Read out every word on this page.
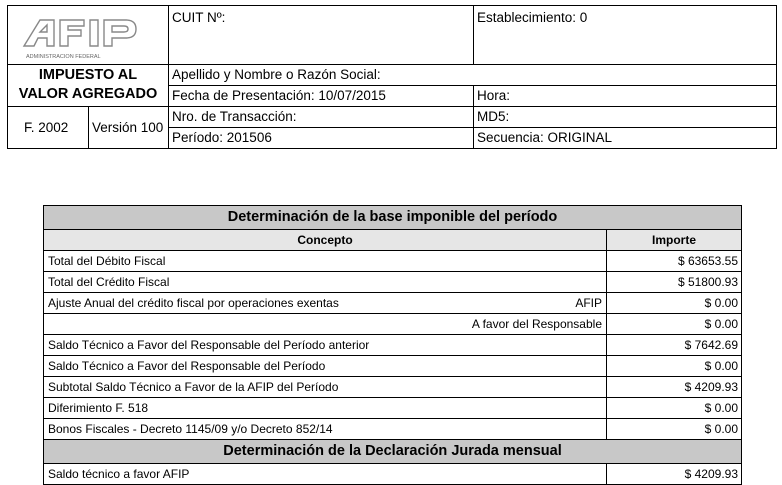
ADMINISTRACION FEDERAL
CUIT Nº:	Establecimiento: 0
IMPUESTO AL
VALOR AGREGADO
Apellido y Nombre o Razón Social:
Fecha de Presentación: 10/07/2015	Hora:
F. 2002 Versión 100
Nro. de Transacción:	MD5:
Período: 201506	Secuencia: ORIGINAL
Determinación de la base imponible del período	
Concepto	Importe
Total del Débito Fiscal	$ 63653.55
Total del Crédito Fiscal	$ 51800.93
Ajuste Anual del crédito fiscal por operaciones exentas AFIP	$ 0.00
A favor del Responsable	$ 0.00
Saldo Técnico a Favor del Responsable del Período anterior	$ 7642.69
Saldo Técnico a Favor del Responsable del Período	$ 0.00
Subtotal Saldo Técnico a Favor de la AFIP del Período	$ 4209.93
Diferimiento F. 518	$ 0.00
Bonos Fiscales - Decreto 1145/09 y/o Decreto 852/14	$ 0.00
Determinación de la Declaración Jurada mensual	
Saldo técnico a favor AFIP	$ 4209.93
